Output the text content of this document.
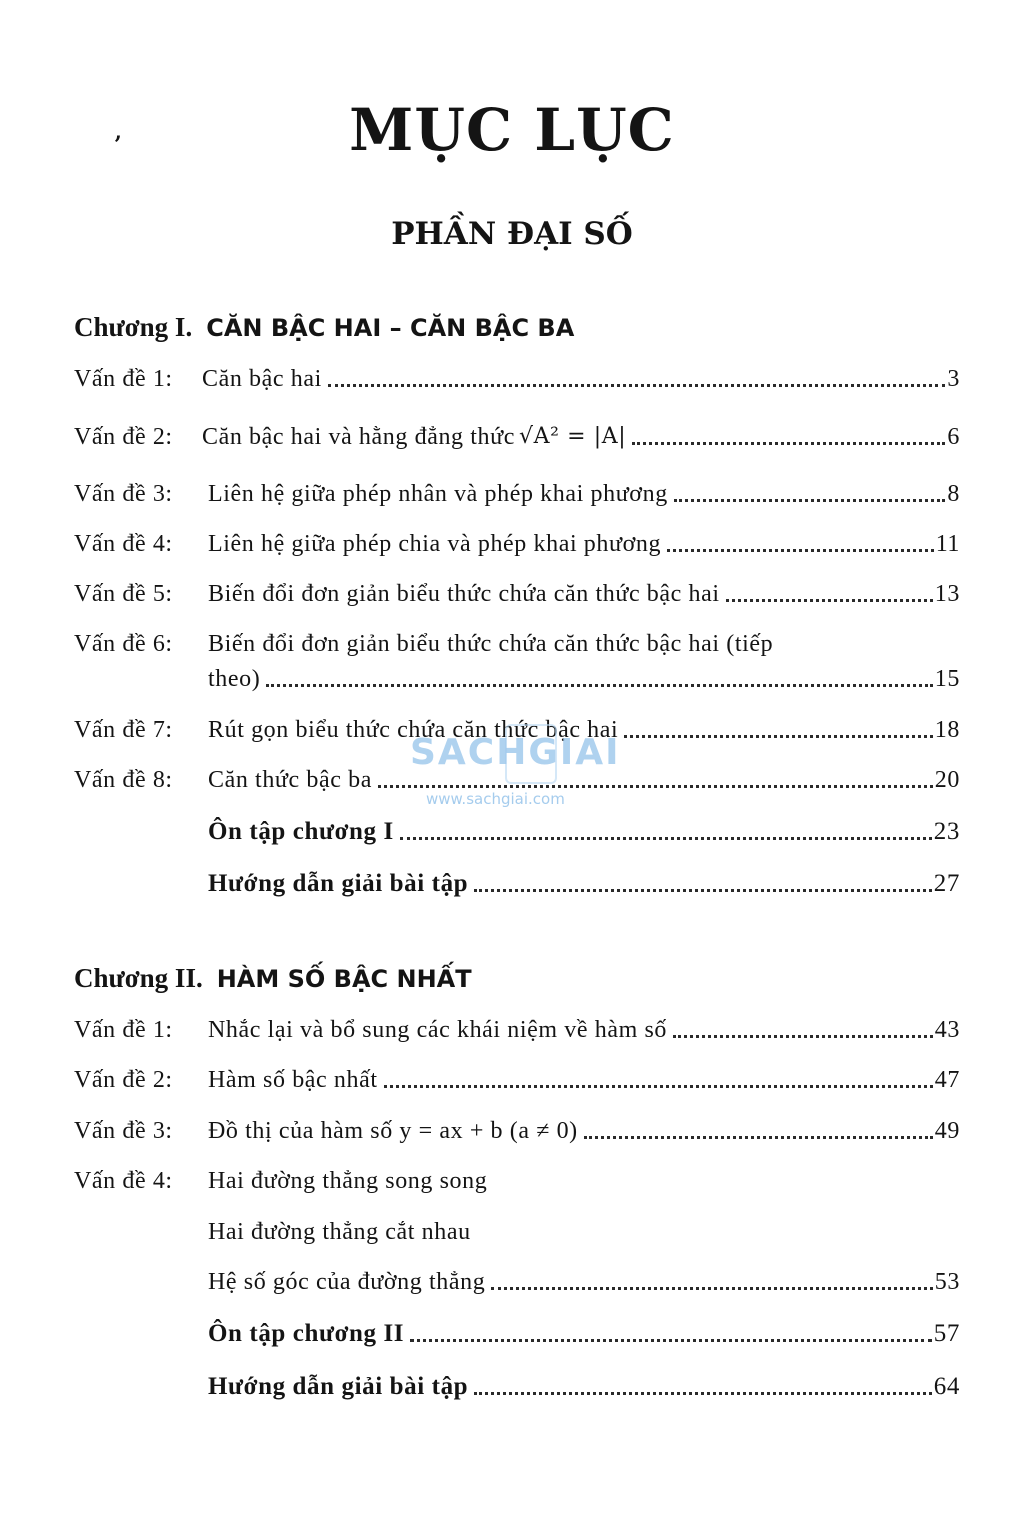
’	MỤC LỤC
PHẦN ĐẠI SỐ
Chương I. CĂN BẬC HAI – CĂN BẬC BA
Vấn đề 1: Căn bậc hai	3
Vấn đề 2: Căn bậc hai và hằng đẳng thức √A² = |A|	6
Vấn đề 3: Liên hệ giữa phép nhân và phép khai phương	8
Vấn đề 4: Liên hệ giữa phép chia và phép khai phương	11
Vấn đề 5: Biến đổi đơn giản biểu thức chứa căn thức bậc hai	13
Vấn đề 6: Biến đổi đơn giản biểu thức chứa căn thức bậc hai (tiếp
theo)	15
Vấn đề 7: Rút gọn biểu thức chứa căn thức bậc hai	18
Vấn đề 8: Căn thức bậc ba	20
Ôn tập chương I	23
Hướng dẫn giải bài tập	27
Chương II. HÀM SỐ BẬC NHẤT
Vấn đề 1: Nhắc lại và bổ sung các khái niệm về hàm số	43
Vấn đề 2: Hàm số bậc nhất	47
Vấn đề 3: Đồ thị của hàm số y = ax + b (a ≠ 0)	49
Vấn đề 4: Hai đường thẳng song song
Hai đường thẳng cắt nhau
Hệ số góc của đường thẳng	53
Ôn tập chương II	57
Hướng dẫn giải bài tập	64
SACHGIAI
www.sachgiai.com
